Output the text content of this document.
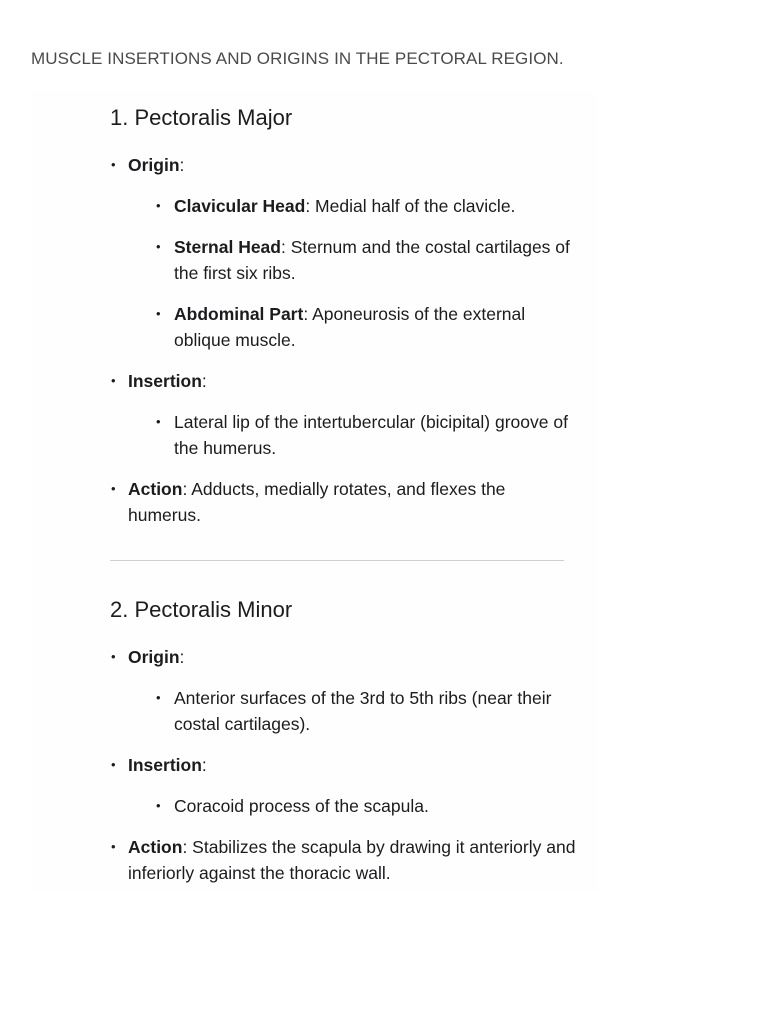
MUSCLE INSERTIONS AND ORIGINS IN THE PECTORAL REGION.
1. Pectoralis Major
• Origin:
• Clavicular Head: Medial half of the clavicle.
• Sternal Head: Sternum and the costal cartilages of the first six ribs.
• Abdominal Part: Aponeurosis of the external oblique muscle.
• Insertion:
• Lateral lip of the intertubercular (bicipital) groove of the humerus.
• Action: Adducts, medially rotates, and flexes the humerus.
2. Pectoralis Minor
• Origin:
• Anterior surfaces of the 3rd to 5th ribs (near their costal cartilages).
• Insertion:
• Coracoid process of the scapula.
• Action: Stabilizes the scapula by drawing it anteriorly and inferiorly against the thoracic wall.
